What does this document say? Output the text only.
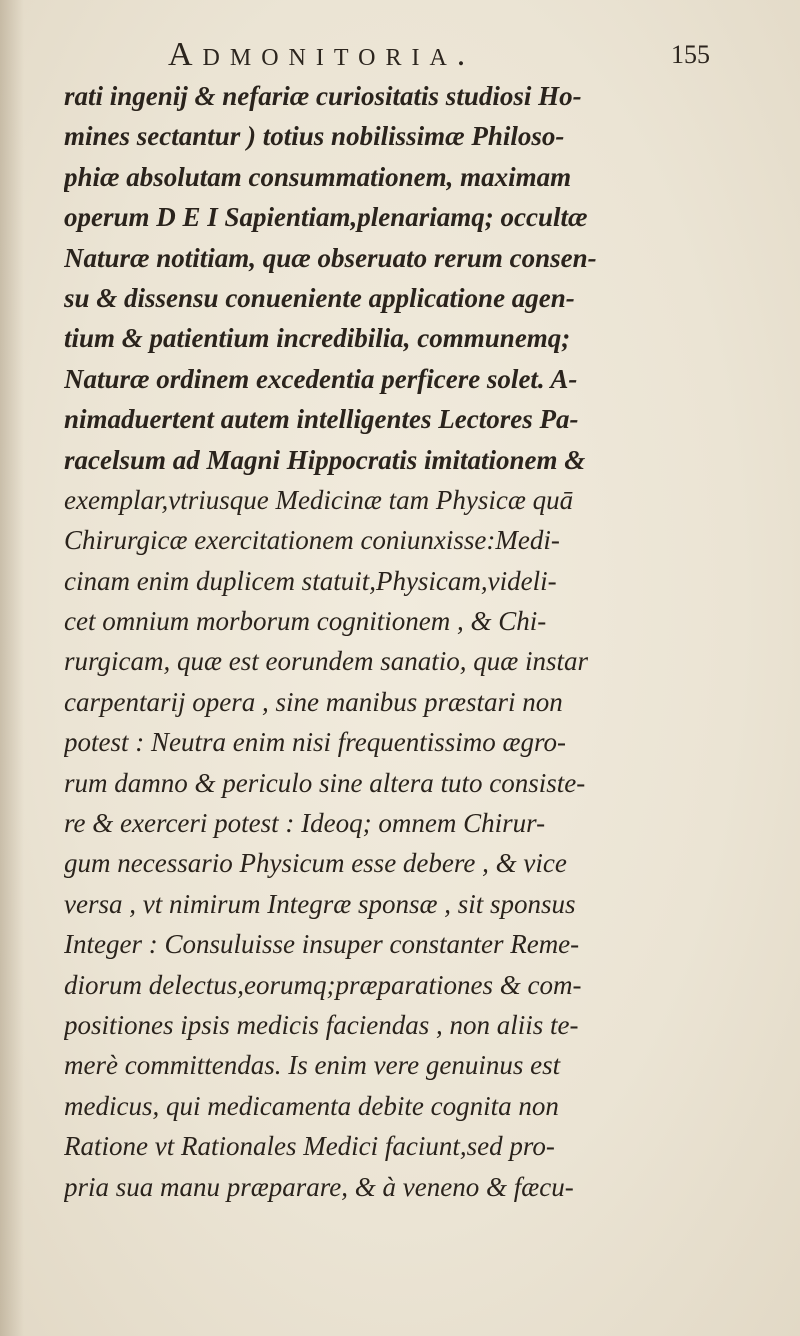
Admonitoria.	155
rati ingenij & nefariæ curiositatis studiosi Ho-
mines sectantur ) totius nobilissimæ Philoso-
phiæ absolutam consummationem, maximam
operum D E I Sapientiam,plenariamq; occultæ
Naturæ notitiam, quæ obseruato rerum consen-
su & dissensu conueniente applicatione agen-
tium & patientium incredibilia, communemq;
Naturæ ordinem excedentia perficere solet. A-
nimaduertent autem intelligentes Lectores Pa-
racelsum ad Magni Hippocratis imitationem &
exemplar,vtriusque Medicinæ tam Physicæ quā
Chirurgicæ exercitationem coniunxisse:Medi-
cinam enim duplicem statuit,Physicam,videli-
cet omnium morborum cognitionem , & Chi-
rurgicam, quæ est eorundem sanatio, quæ instar
carpentarij opera , sine manibus præstari non
potest : Neutra enim nisi frequentissimo ægro-
rum damno & periculo sine altera tuto consiste-
re & exerceri potest : Ideoq; omnem Chirur-
gum necessario Physicum esse debere , & vice
versa , vt nimirum Integræ sponsæ , sit sponsus
Integer : Consuluisse insuper constanter Reme-
diorum delectus,eorumq;præparationes & com-
positiones ipsis medicis faciendas , non aliis te-
merè committendas. Is enim vere genuinus est
medicus, qui medicamenta debite cognita non
Ratione vt Rationales Medici faciunt,sed pro-
pria sua manu præparare, & à veneno & fæcu-
